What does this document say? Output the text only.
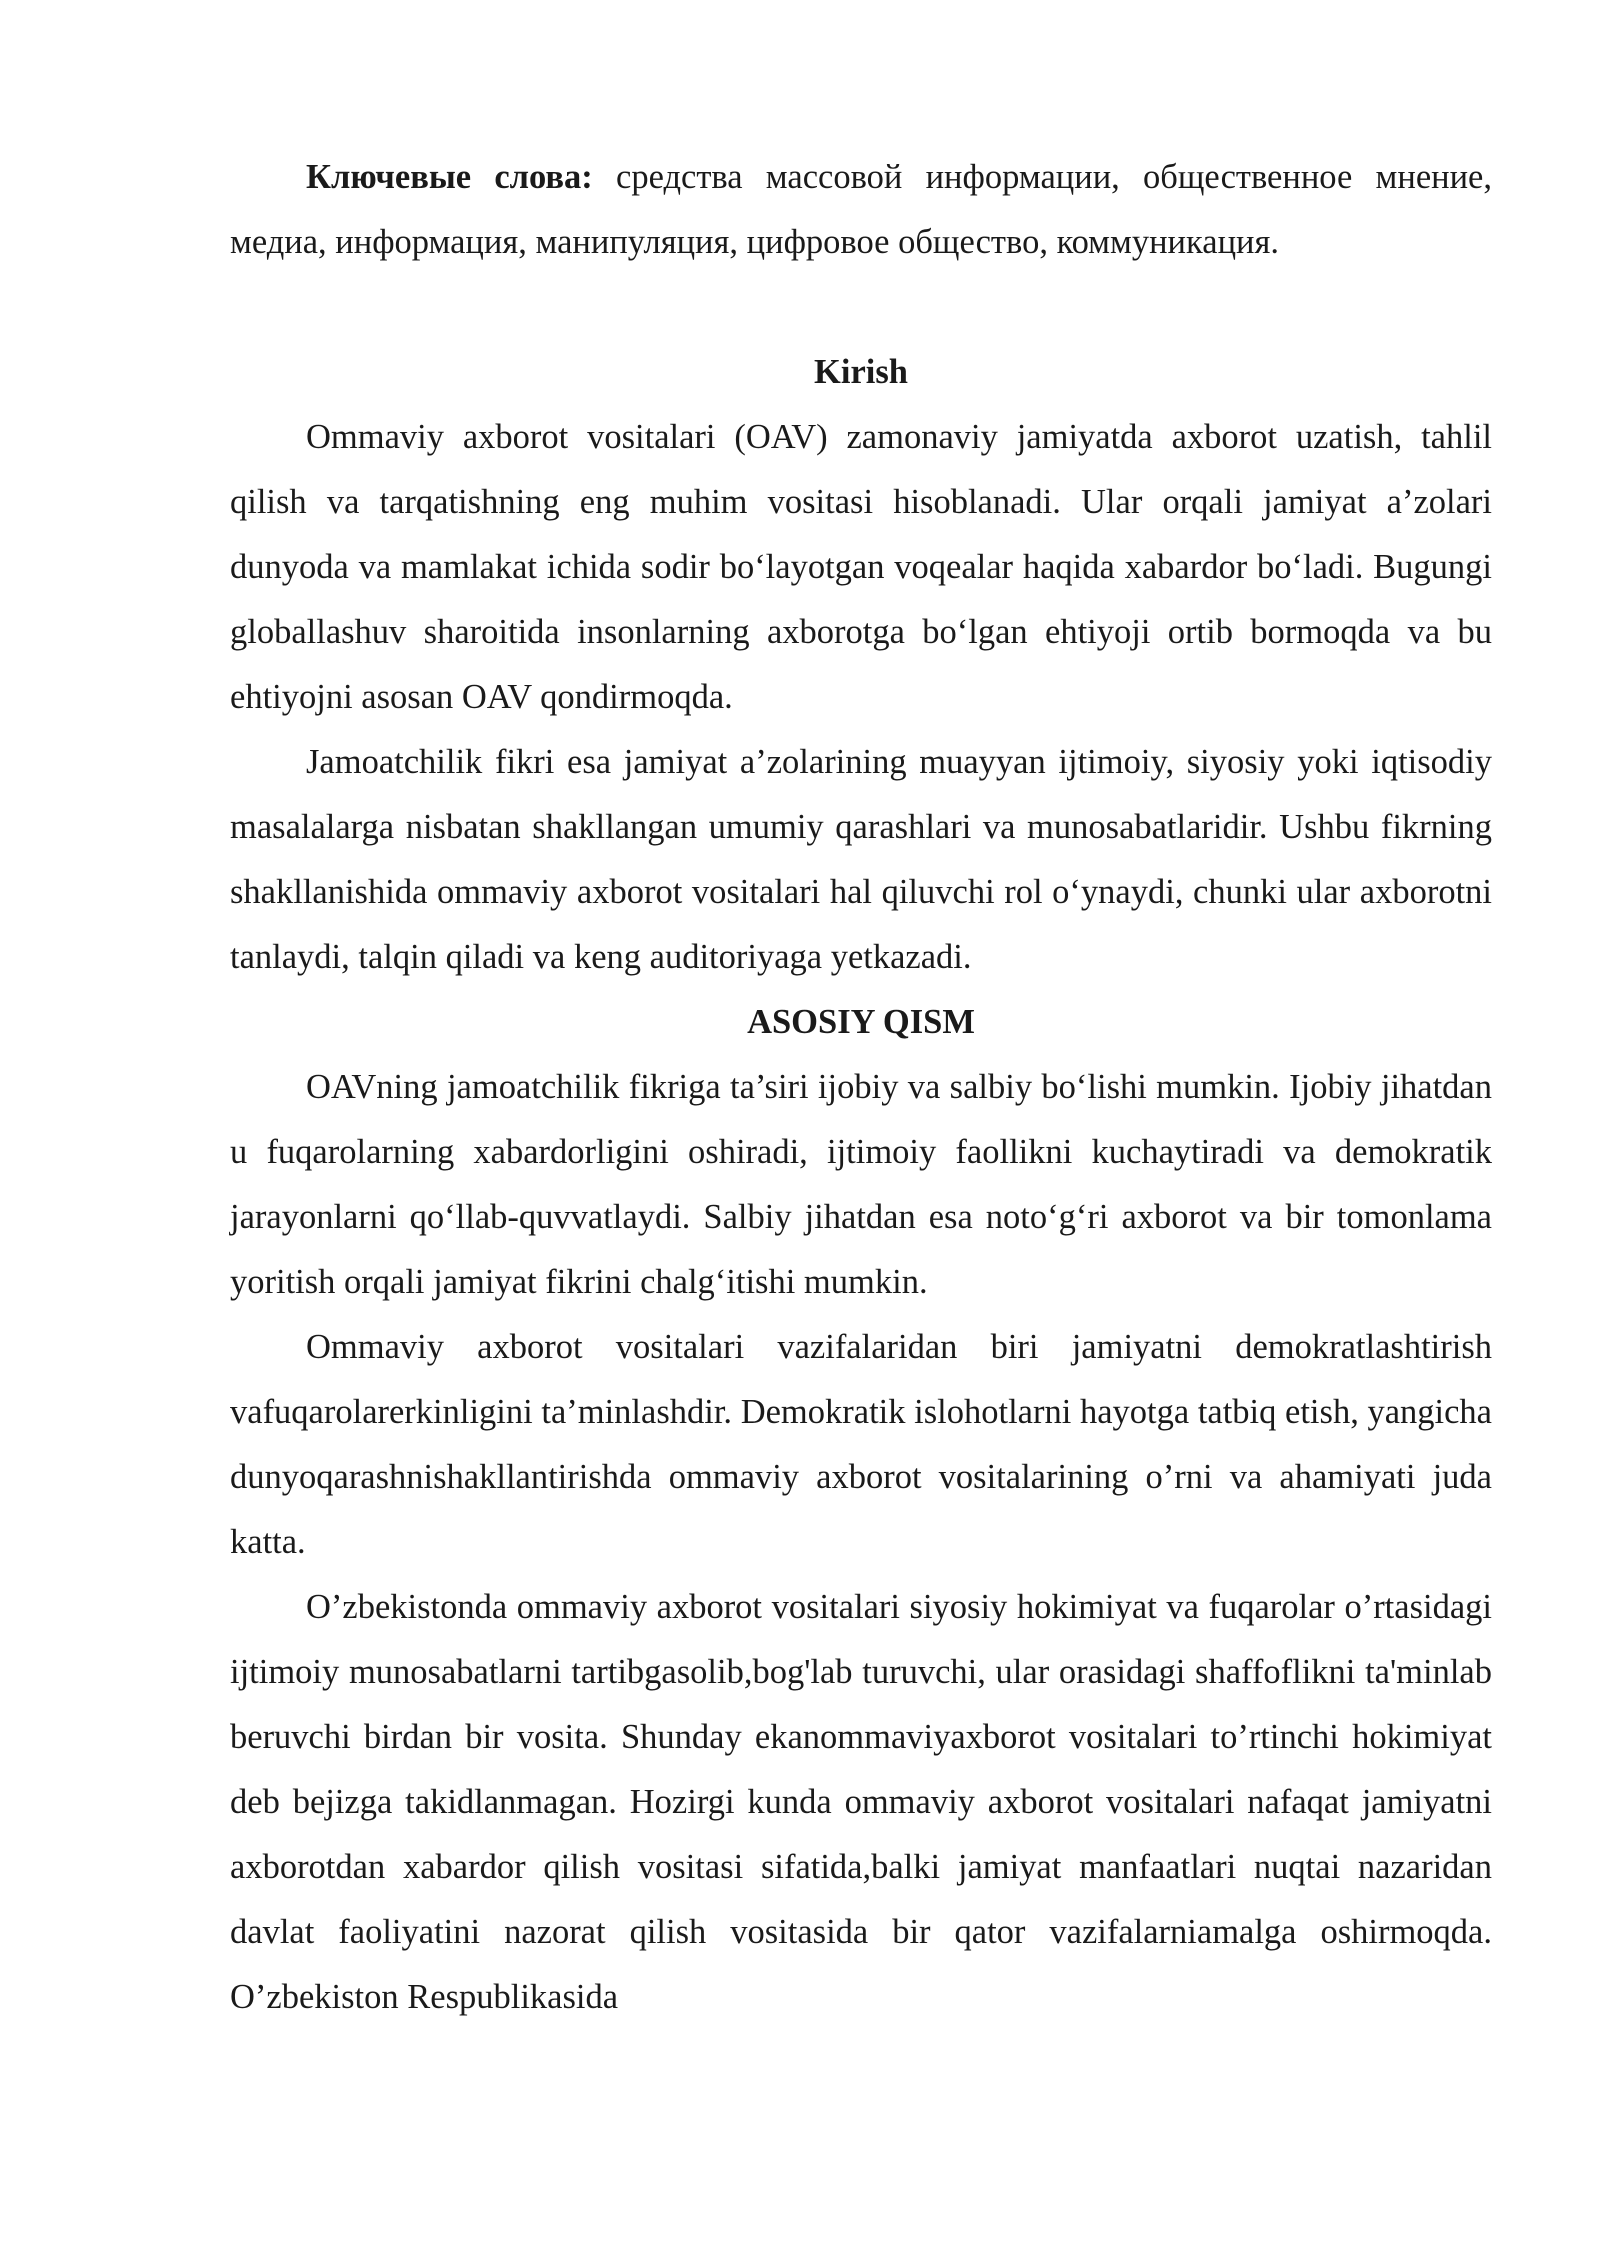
Ключевые слова: средства массовой информации, общественное мнение, медиа, информация, манипуляция, цифровое общество, коммуникация.

Kirish

Ommaviy axborot vositalari (OAV) zamonaviy jamiyatda axborot uzatish, tahlil qilish va tarqatishning eng muhim vositasi hisoblanadi. Ular orqali jamiyat a’zolari dunyoda va mamlakat ichida sodir bo‘layotgan voqealar haqida xabardor bo‘ladi. Bugungi globallashuv sharoitida insonlarning axborotga bo‘lgan ehtiyoji ortib bormoqda va bu ehtiyojni asosan OAV qondirmoqda.

Jamoatchilik fikri esa jamiyat a’zolarining muayyan ijtimoiy, siyosiy yoki iqtisodiy masalalarga nisbatan shakllangan umumiy qarashlari va munosabatlaridir. Ushbu fikrning shakllanishida ommaviy axborot vositalari hal qiluvchi rol o‘ynaydi, chunki ular axborotni tanlaydi, talqin qiladi va keng auditoriyaga yetkazadi.

ASOSIY QISM

OAVning jamoatchilik fikriga ta’siri ijobiy va salbiy bo‘lishi mumkin. Ijobiy jihatdan u fuqarolarning xabardorligini oshiradi, ijtimoiy faollikni kuchaytiradi va demokratik jarayonlarni qo‘llab-quvvatlaydi. Salbiy jihatdan esa noto‘g‘ri axborot va bir tomonlama yoritish orqali jamiyat fikrini chalg‘itishi mumkin.

Ommaviy axborot vositalari vazifalaridan biri jamiyatni demokratlashtirish vafuqarolarerkinligini ta’minlashdir. Demokratik islohotlarni hayotga tatbiq etish, yangicha dunyoqarashnishakllantirishda ommaviy axborot vositalarining o’rni va ahamiyati juda katta.

O’zbekistonda ommaviy axborot vositalari siyosiy hokimiyat va fuqarolar o’rtasidagi ijtimoiy munosabatlarni tartibgasolib,bog'lab turuvchi, ular orasidagi shaffoflikni ta'minlab beruvchi birdan bir vosita. Shunday ekanommaviyaxborot vositalari to’rtinchi hokimiyat deb bejizga takidlanmagan. Hozirgi kunda ommaviy axborot vositalari nafaqat jamiyatni axborotdan xabardor qilish vositasi sifatida,balki jamiyat manfaatlari nuqtai nazaridan davlat faoliyatini nazorat qilish vositasida bir qator vazifalarniamalga oshirmoqda. O’zbekiston Respublikasida
